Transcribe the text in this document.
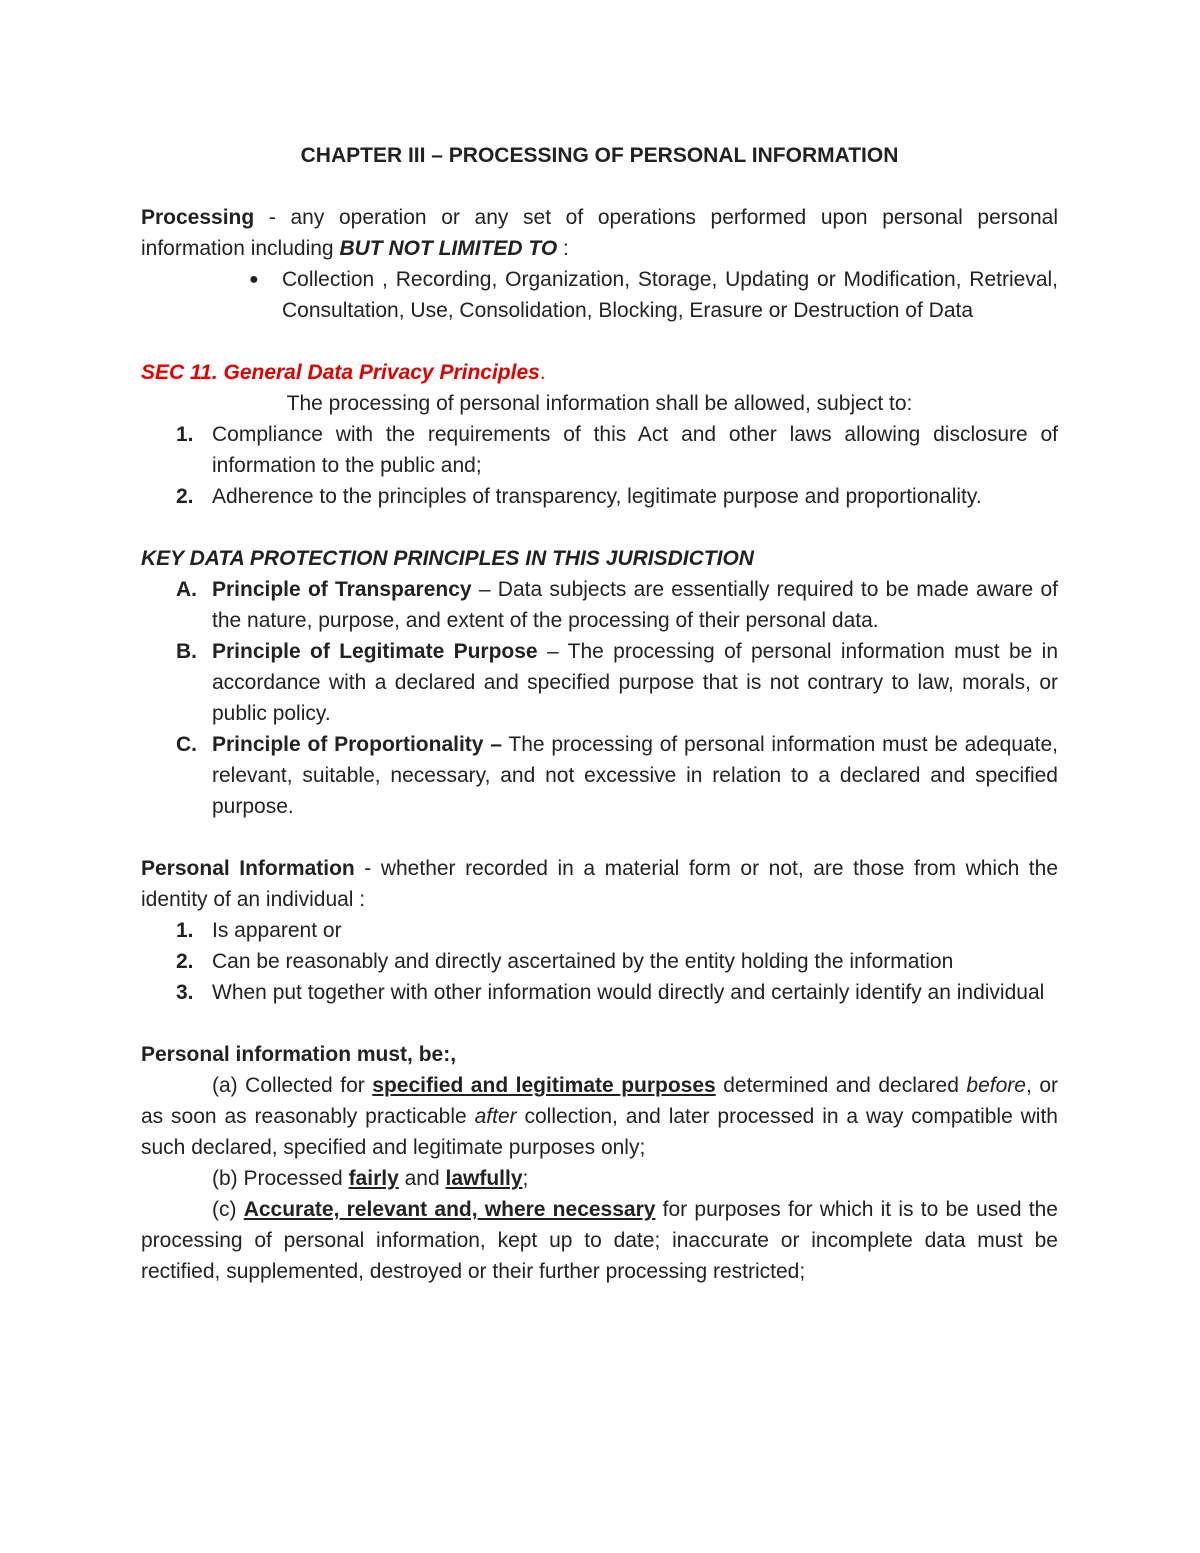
CHAPTER III – PROCESSING OF PERSONAL INFORMATION

Processing - any operation or any set of operations performed upon personal personal information including BUT NOT LIMITED TO :

● Collection , Recording, Organization, Storage, Updating or Modification, Retrieval, Consultation, Use, Consolidation, Blocking, Erasure or Destruction of Data

SEC 11. General Data Privacy Principles.

The processing of personal information shall be allowed, subject to:

1. Compliance with the requirements of this Act and other laws allowing disclosure of information to the public and;
2. Adherence to the principles of transparency, legitimate purpose and proportionality.

KEY DATA PROTECTION PRINCIPLES IN THIS JURISDICTION

A. Principle of Transparency – Data subjects are essentially required to be made aware of the nature, purpose, and extent of the processing of their personal data.
B. Principle of Legitimate Purpose – The processing of personal information must be in accordance with a declared and specified purpose that is not contrary to law, morals, or public policy.
C. Principle of Proportionality – The processing of personal information must be adequate, relevant, suitable, necessary, and not excessive in relation to a declared and specified purpose.

Personal Information - whether recorded in a material form or not, are those from which the identity of an individual :

1. Is apparent or
2. Can be reasonably and directly ascertained by the entity holding the information
3. When put together with other information would directly and certainly identify an individual

Personal information must, be:,

(a) Collected for specified and legitimate purposes determined and declared before, or as soon as reasonably practicable after collection, and later processed in a way compatible with such declared, specified and legitimate purposes only;

(b) Processed fairly and lawfully;

(c) Accurate, relevant and, where necessary for purposes for which it is to be used the processing of personal information, kept up to date; inaccurate or incomplete data must be rectified, supplemented, destroyed or their further processing restricted;
